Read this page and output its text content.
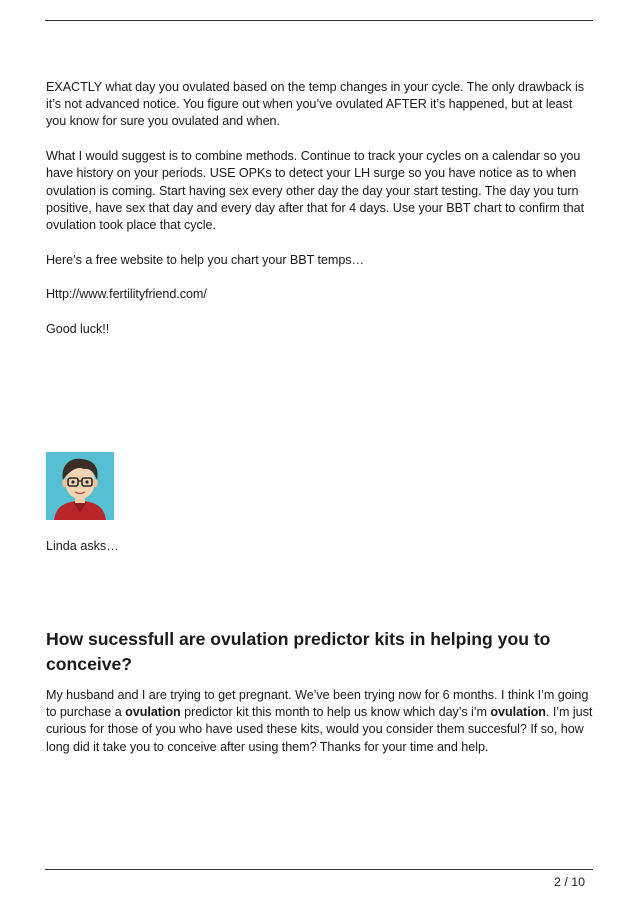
EXACTLY what day you ovulated based on the temp changes in your cycle. The only drawback is it’s not advanced notice. You figure out when you’ve ovulated AFTER it’s happened, but at least you know for sure you ovulated and when.

What I would suggest is to combine methods. Continue to track your cycles on a calendar so you have history on your periods. USE OPKs to detect your LH surge so you have notice as to when ovulation is coming. Start having sex every other day the day your start testing. The day you turn positive, have sex that day and every day after that for 4 days. Use your BBT chart to confirm that ovulation took place that cycle.

Here’s a free website to help you chart your BBT temps…

Http://www.fertilityfriend.com/

Good luck!!

Linda asks…
How sucessfull are ovulation predictor kits in helping you to conceive?

My husband and I are trying to get pregnant. We’ve been trying now for 6 months. I think I’m going to purchase a ovulation predictor kit this month to help us know which day’s i’m ovulation. I’m just curious for those of you who have used these kits, would you consider them succesful? If so, how long did it take you to conceive after using them? Thanks for your time and help.

2 / 10
